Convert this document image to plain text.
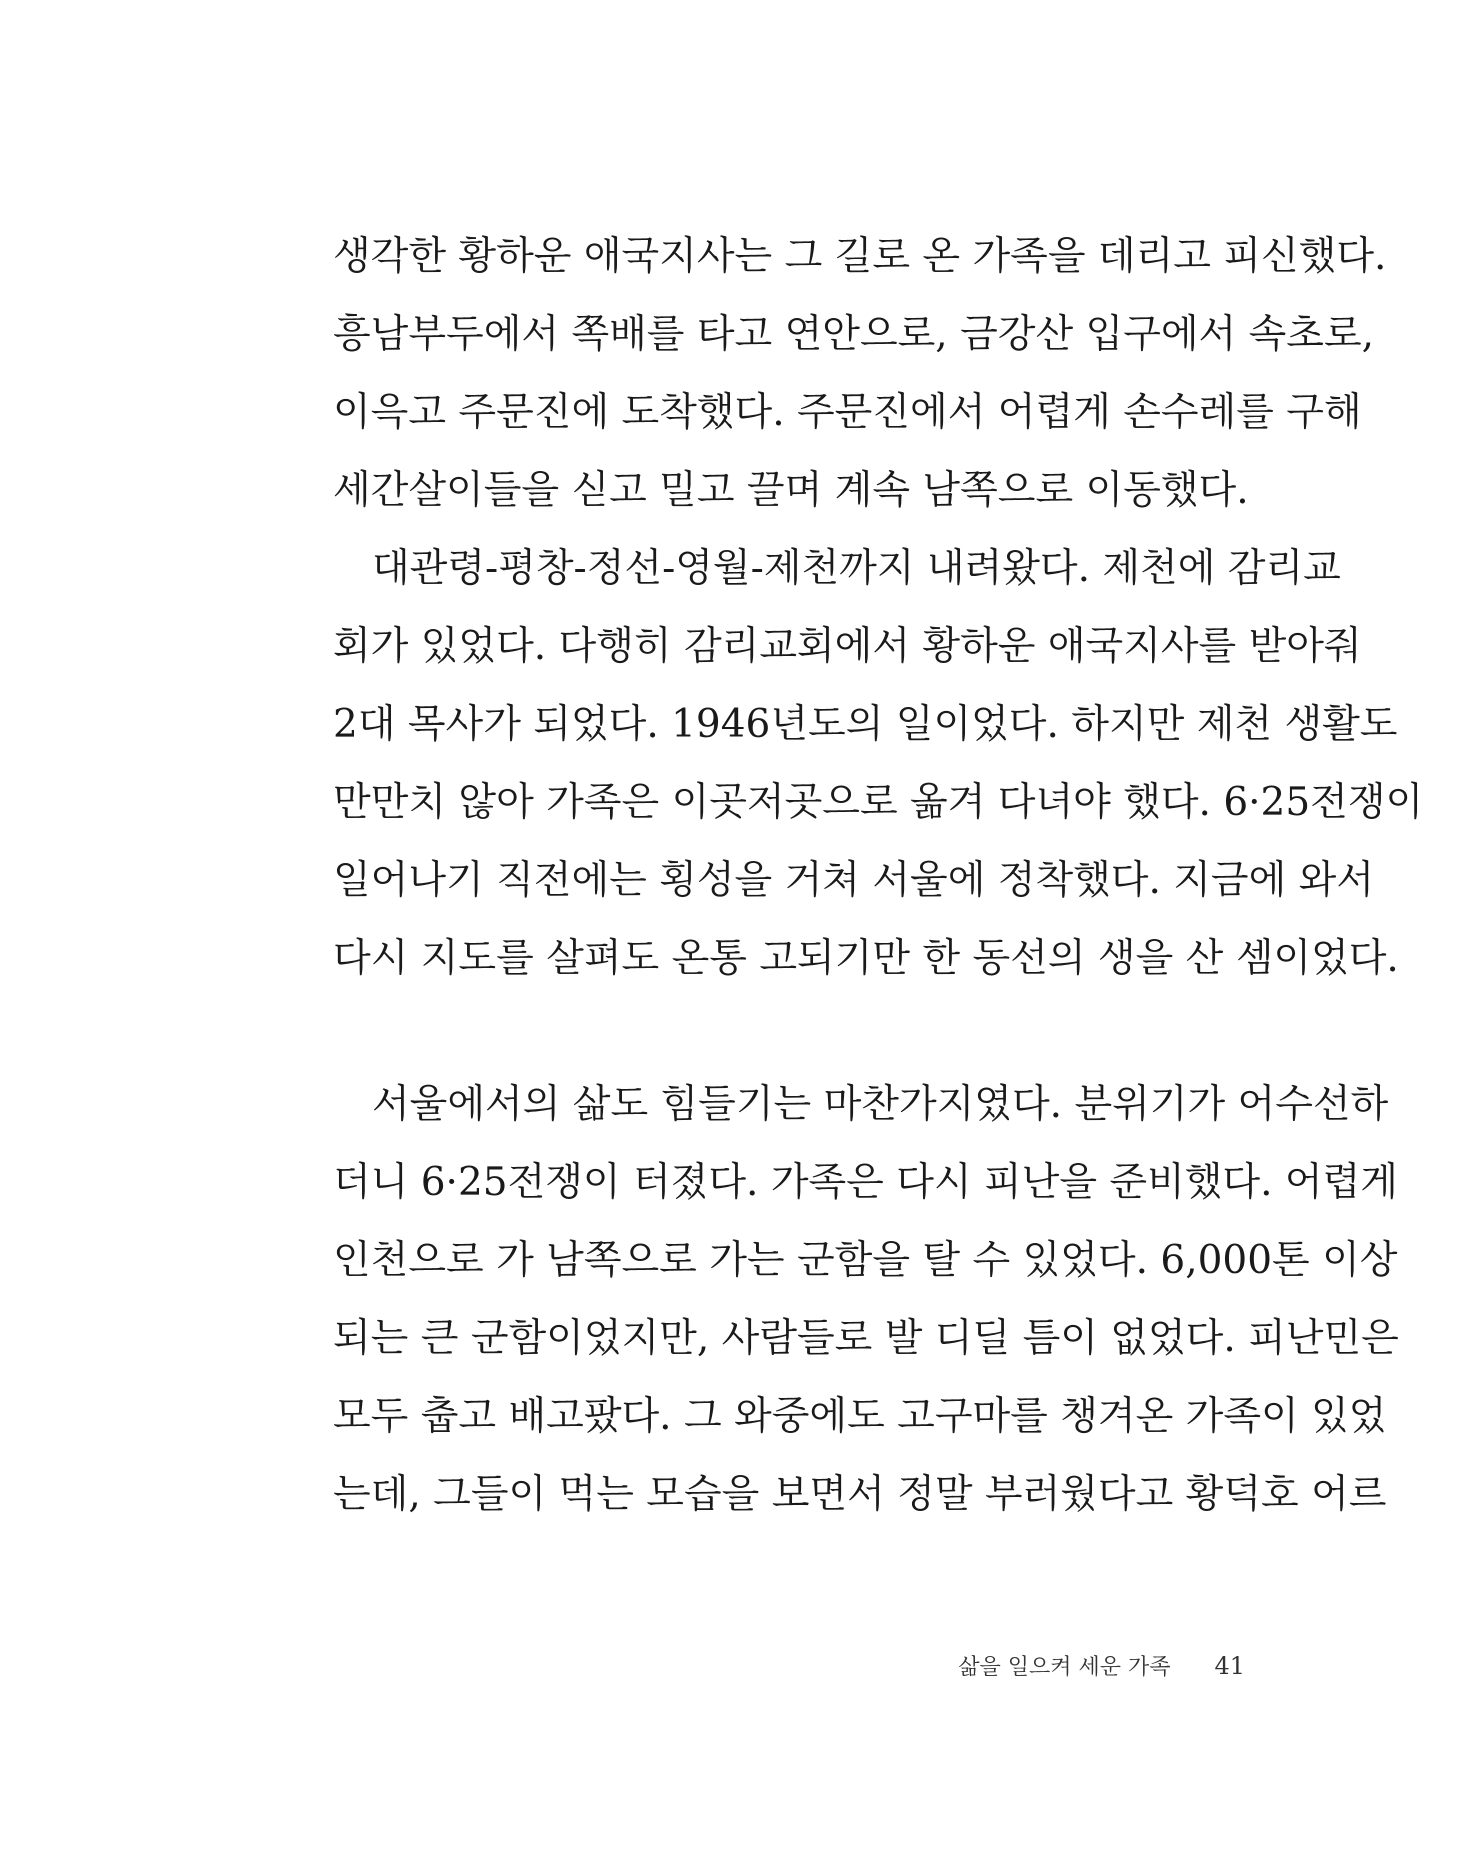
생각한 황하운 애국지사는 그 길로 온 가족을 데리고 피신했다.
흥남부두에서 쪽배를 타고 연안으로, 금강산 입구에서 속초로,
이윽고 주문진에 도착했다. 주문진에서 어렵게 손수레를 구해
세간살이들을 싣고 밀고 끌며 계속 남쪽으로 이동했다.
　대관령-평창-정선-영월-제천까지 내려왔다. 제천에 감리교
회가 있었다. 다행히 감리교회에서 황하운 애국지사를 받아줘
2대 목사가 되었다. 1946년도의 일이었다. 하지만 제천 생활도
만만치 않아 가족은 이곳저곳으로 옮겨 다녀야 했다. 6·25전쟁이
일어나기 직전에는 횡성을 거쳐 서울에 정착했다. 지금에 와서
다시 지도를 살펴도 온통 고되기만 한 동선의 생을 산 셈이었다.
　서울에서의 삶도 힘들기는 마찬가지였다. 분위기가 어수선하
더니 6·25전쟁이 터졌다. 가족은 다시 피난을 준비했다. 어렵게
인천으로 가 남쪽으로 가는 군함을 탈 수 있었다. 6,000톤 이상
되는 큰 군함이었지만, 사람들로 발 디딜 틈이 없었다. 피난민은
모두 춥고 배고팠다. 그 와중에도 고구마를 챙겨온 가족이 있었
는데, 그들이 먹는 모습을 보면서 정말 부러웠다고 황덕호 어르
삶을 일으켜 세운 가족 41
